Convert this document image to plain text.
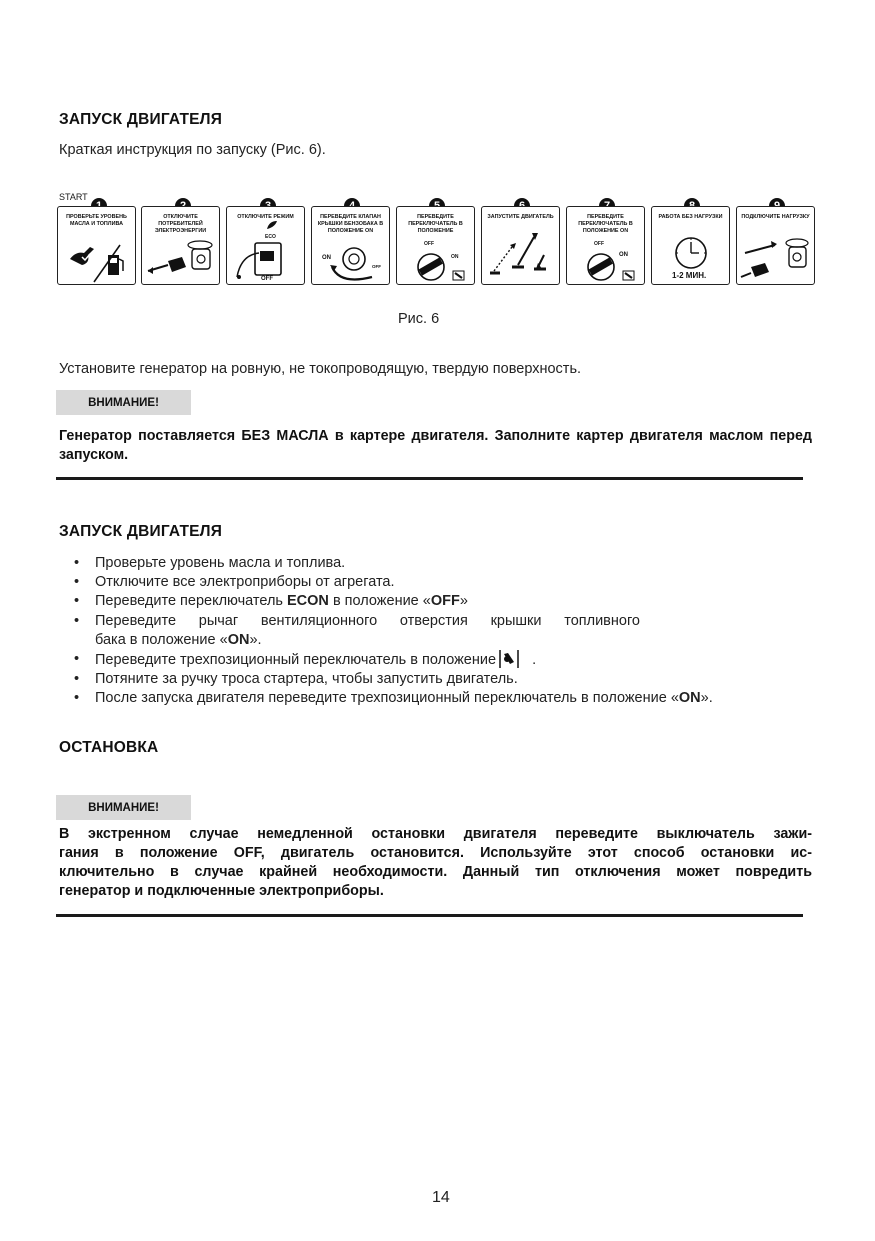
ЗАПУСК ДВИГАТЕЛЯ
Краткая инструкция по запуску (Рис. 6).
START
ПРОВЕРЬТЕ УРОВЕНЬ МАСЛА И ТОПЛИВА
ОТКЛЮЧИТЕ ПОТРЕБИТЕЛЕЙ ЭЛЕКТРОЭНЕРГИИ
ОТКЛЮЧИТЕ РЕЖИМ
ECO
OFF
ПЕРЕВЕДИТЕ КЛАПАН КРЫШКИ БЕНЗОБАКА В ПОЛОЖЕНИЕ ON
ON
OFF
ПЕРЕВЕДИТЕ ПЕРЕКЛЮЧАТЕЛЬ В ПОЛОЖЕНИЕ
OFF
ON
ЗАПУСТИТЕ ДВИГАТЕЛЬ	ПЕРЕВЕДИТЕ ПЕРЕКЛЮЧАТЕЛЬ В ПОЛОЖЕНИЕ ON
OFF
ON
РАБОТА БЕЗ НАГРУЗКИ
1-2 МИН.
ПОДКЛЮЧИТЕ НАГРУЗКУ
Рис. 6
Установите генератор на ровную, не токопроводящую, твердую поверхность.
ВНИМАНИЕ!
Генератор поставляется БЕЗ МАСЛА в картере двигателя. Заполните картер двигателя маслом перед запуском.
ЗАПУСК ДВИГАТЕЛЯ
• Проверьте уровень масла и топлива.
• Отключите все электроприборы от агрегата.
• Переведите переключатель ECON в положение «OFF»
• Переведите рычаг вентиляционного отверстия крышки топливного
бака в положение «ON».
• Переведите трехпозиционный переключатель в положение .
• Потяните за ручку троса стартера, чтобы запустить двигатель.
• После запуска двигателя переведите трехпозиционный переключатель в положение «ON».
ОСТАНОВКА
ВНИМАНИЕ!
В экстренном случае немедленной остановки двигателя переведите выключатель зажи-
гания в положение OFF, двигатель остановится. Используйте этот способ остановки ис-
ключительно в случае крайней необходимости. Данный тип отключения может повредить
генератор и подключенные электроприборы.
14
